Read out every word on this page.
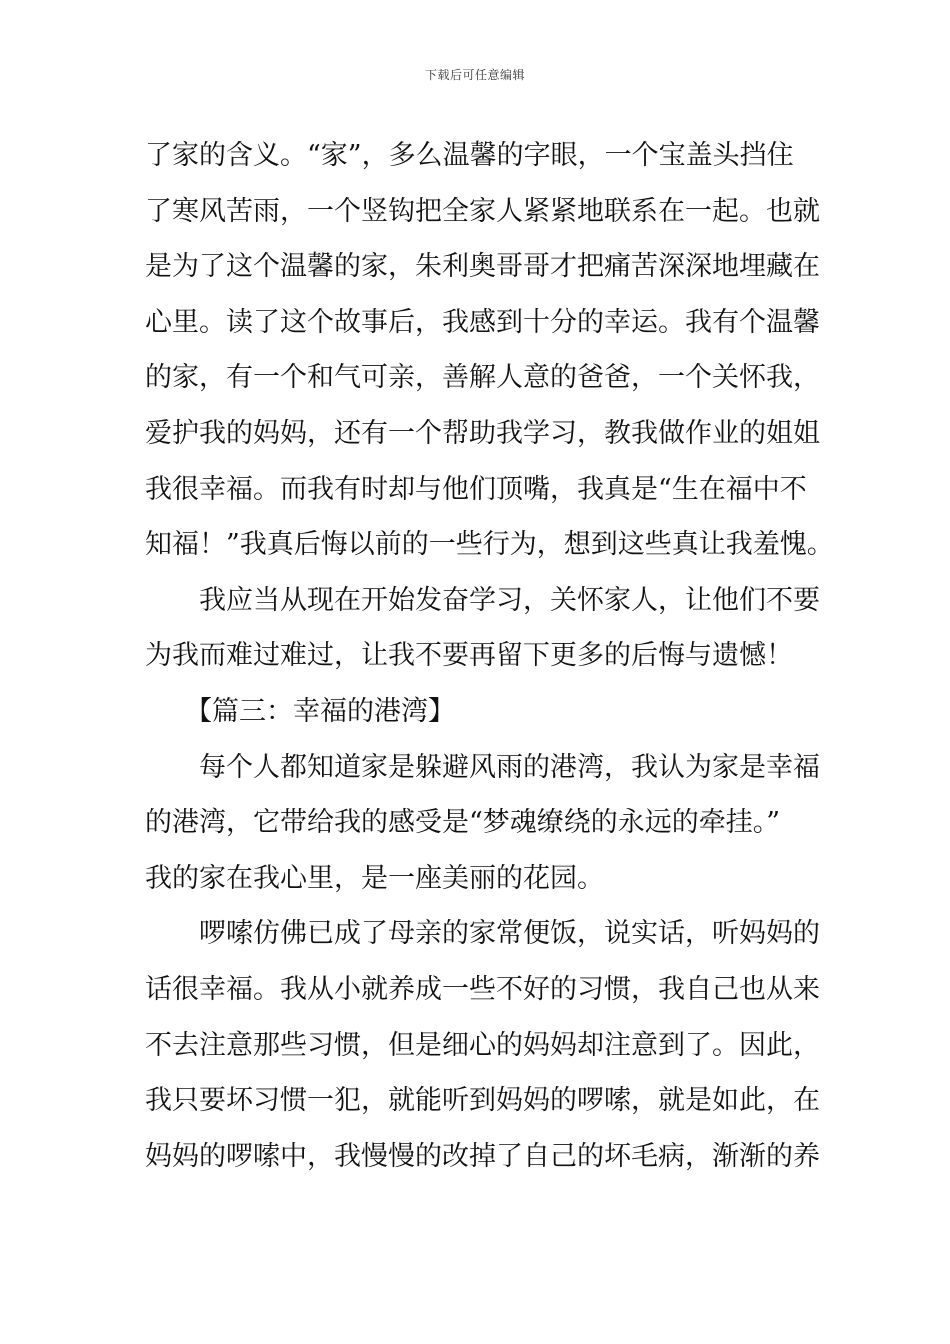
下载后可任意编辑
了家的含义。“家”，多么温馨的字眼，一个宝盖头挡住
了寒风苦雨，一个竖钩把全家人紧紧地联系在一起。也就
是为了这个温馨的家，朱利奥哥哥才把痛苦深深地埋藏在
心里。读了这个故事后，我感到十分的幸运。我有个温馨
的家，有一个和气可亲，善解人意的爸爸，一个关怀我，
爱护我的妈妈，还有一个帮助我学习，教我做作业的姐姐
我很幸福。而我有时却与他们顶嘴，我真是“生在福中不
知福！”我真后悔以前的一些行为，想到这些真让我羞愧。
我应当从现在开始发奋学习，关怀家人，让他们不要
为我而难过难过，让我不要再留下更多的后悔与遗憾！
【篇三：幸福的港湾】
每个人都知道家是躲避风雨的港湾，我认为家是幸福
的港湾，它带给我的感受是“梦魂缭绕的永远的牵挂。”
我的家在我心里，是一座美丽的花园。
啰嗦仿佛已成了母亲的家常便饭，说实话，听妈妈的
话很幸福。我从小就养成一些不好的习惯，我自己也从来
不去注意那些习惯，但是细心的妈妈却注意到了。因此，
我只要坏习惯一犯，就能听到妈妈的啰嗦，就是如此，在
妈妈的啰嗦中，我慢慢的改掉了自己的坏毛病，渐渐的养
